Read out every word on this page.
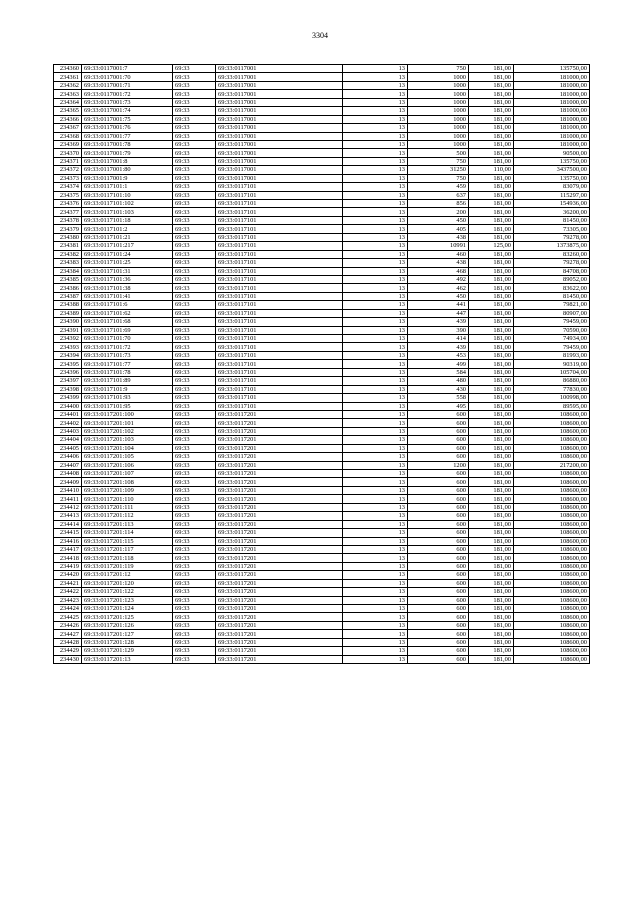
3304
234360	69:33:0117001:7	69:33	69:33:0117001	13	750	181,00	135750,00
234361	69:33:0117001:70	69:33	69:33:0117001	13	1000	181,00	181000,00
234362	69:33:0117001:71	69:33	69:33:0117001	13	1000	181,00	181000,00
234363	69:33:0117001:72	69:33	69:33:0117001	13	1000	181,00	181000,00
234364	69:33:0117001:73	69:33	69:33:0117001	13	1000	181,00	181000,00
234365	69:33:0117001:74	69:33	69:33:0117001	13	1000	181,00	181000,00
234366	69:33:0117001:75	69:33	69:33:0117001	13	1000	181,00	181000,00
234367	69:33:0117001:76	69:33	69:33:0117001	13	1000	181,00	181000,00
234368	69:33:0117001:77	69:33	69:33:0117001	13	1000	181,00	181000,00
234369	69:33:0117001:78	69:33	69:33:0117001	13	1000	181,00	181000,00
234370	69:33:0117001:79	69:33	69:33:0117001	13	500	181,00	90500,00
234371	69:33:0117001:8	69:33	69:33:0117001	13	750	181,00	135750,00
234372	69:33:0117001:80	69:33	69:33:0117001	13	31250	110,00	3437500,00
234373	69:33:0117001:9	69:33	69:33:0117001	13	750	181,00	135750,00
234374	69:33:0117101:1	69:33	69:33:0117101	13	459	181,00	83079,00
234375	69:33:0117101:10	69:33	69:33:0117101	13	637	181,00	115297,00
234376	69:33:0117101:102	69:33	69:33:0117101	13	856	181,00	154936,00
234377	69:33:0117101:103	69:33	69:33:0117101	13	200	181,00	36200,00
234378	69:33:0117101:18	69:33	69:33:0117101	13	450	181,00	81450,00
234379	69:33:0117101:2	69:33	69:33:0117101	13	405	181,00	73305,00
234380	69:33:0117101:21	69:33	69:33:0117101	13	438	181,00	79278,00
234381	69:33:0117101:217	69:33	69:33:0117101	13	10991	125,00	1373875,00
234382	69:33:0117101:24	69:33	69:33:0117101	13	460	181,00	83260,00
234383	69:33:0117101:25	69:33	69:33:0117101	13	438	181,00	79278,00
234384	69:33:0117101:31	69:33	69:33:0117101	13	468	181,00	84708,00
234385	69:33:0117101:36	69:33	69:33:0117101	13	492	181,00	89052,00
234386	69:33:0117101:38	69:33	69:33:0117101	13	462	181,00	83622,00
234387	69:33:0117101:41	69:33	69:33:0117101	13	450	181,00	81450,00
234388	69:33:0117101:6	69:33	69:33:0117101	13	441	181,00	79821,00
234389	69:33:0117101:62	69:33	69:33:0117101	13	447	181,00	80907,00
234390	69:33:0117101:68	69:33	69:33:0117101	13	439	181,00	79459,00
234391	69:33:0117101:69	69:33	69:33:0117101	13	390	181,00	70590,00
234392	69:33:0117101:70	69:33	69:33:0117101	13	414	181,00	74934,00
234393	69:33:0117101:72	69:33	69:33:0117101	13	439	181,00	79459,00
234394	69:33:0117101:73	69:33	69:33:0117101	13	453	181,00	81993,00
234395	69:33:0117101:77	69:33	69:33:0117101	13	499	181,00	90319,00
234396	69:33:0117101:78	69:33	69:33:0117101	13	584	181,00	105704,00
234397	69:33:0117101:89	69:33	69:33:0117101	13	480	181,00	86880,00
234398	69:33:0117101:9	69:33	69:33:0117101	13	430	181,00	77830,00
234399	69:33:0117101:93	69:33	69:33:0117101	13	558	181,00	100998,00
234400	69:33:0117101:95	69:33	69:33:0117101	13	495	181,00	89595,00
234401	69:33:0117201:100	69:33	69:33:0117201	13	600	181,00	108600,00
234402	69:33:0117201:101	69:33	69:33:0117201	13	600	181,00	108600,00
234403	69:33:0117201:102	69:33	69:33:0117201	13	600	181,00	108600,00
234404	69:33:0117201:103	69:33	69:33:0117201	13	600	181,00	108600,00
234405	69:33:0117201:104	69:33	69:33:0117201	13	600	181,00	108600,00
234406	69:33:0117201:105	69:33	69:33:0117201	13	600	181,00	108600,00
234407	69:33:0117201:106	69:33	69:33:0117201	13	1200	181,00	217200,00
234408	69:33:0117201:107	69:33	69:33:0117201	13	600	181,00	108600,00
234409	69:33:0117201:108	69:33	69:33:0117201	13	600	181,00	108600,00
234410	69:33:0117201:109	69:33	69:33:0117201	13	600	181,00	108600,00
234411	69:33:0117201:110	69:33	69:33:0117201	13	600	181,00	108600,00
234412	69:33:0117201:111	69:33	69:33:0117201	13	600	181,00	108600,00
234413	69:33:0117201:112	69:33	69:33:0117201	13	600	181,00	108600,00
234414	69:33:0117201:113	69:33	69:33:0117201	13	600	181,00	108600,00
234415	69:33:0117201:114	69:33	69:33:0117201	13	600	181,00	108600,00
234416	69:33:0117201:115	69:33	69:33:0117201	13	600	181,00	108600,00
234417	69:33:0117201:117	69:33	69:33:0117201	13	600	181,00	108600,00
234418	69:33:0117201:118	69:33	69:33:0117201	13	600	181,00	108600,00
234419	69:33:0117201:119	69:33	69:33:0117201	13	600	181,00	108600,00
234420	69:33:0117201:12	69:33	69:33:0117201	13	600	181,00	108600,00
234421	69:33:0117201:120	69:33	69:33:0117201	13	600	181,00	108600,00
234422	69:33:0117201:122	69:33	69:33:0117201	13	600	181,00	108600,00
234423	69:33:0117201:123	69:33	69:33:0117201	13	600	181,00	108600,00
234424	69:33:0117201:124	69:33	69:33:0117201	13	600	181,00	108600,00
234425	69:33:0117201:125	69:33	69:33:0117201	13	600	181,00	108600,00
234426	69:33:0117201:126	69:33	69:33:0117201	13	600	181,00	108600,00
234427	69:33:0117201:127	69:33	69:33:0117201	13	600	181,00	108600,00
234428	69:33:0117201:128	69:33	69:33:0117201	13	600	181,00	108600,00
234429	69:33:0117201:129	69:33	69:33:0117201	13	600	181,00	108600,00
234430	69:33:0117201:13	69:33	69:33:0117201	13	600	181,00	108600,00
